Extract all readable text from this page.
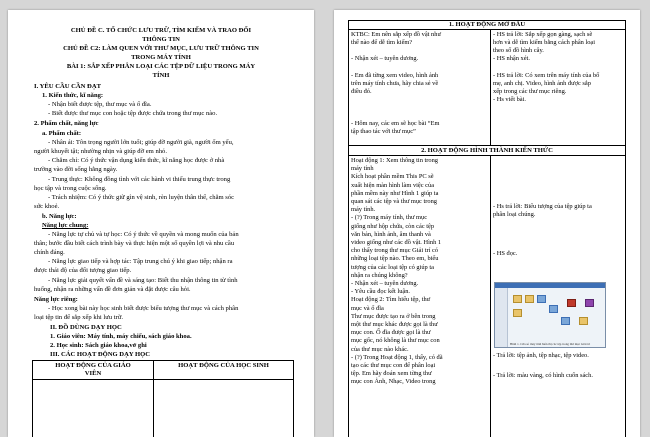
CHỦ ĐỀ C. TỔ CHỨC LƯU TRỮ, TÌM KIẾM VÀ TRAO ĐỔI
THÔNG TIN
CHỦ ĐỀ C2: LÀM QUEN VỚI THƯ MỤC, LƯU TRỮ THÔNG TIN
TRONG MÁY TÍNH
BÀI 1: SẮP XẾP PHÂN LOẠI CÁC TỆP DỮ LIỆU TRONG MÁY
TÍNH
I. YÊU CẦU CẦN ĐẠT
1. Kiến thức, kĩ năng:
- Nhận biết được tệp, thư mục và ổ đĩa.
- Biết được thư mục con hoặc tệp được chứa trong thư mục nào.
2. Phẩm chất, năng lực
a. Phẩm chất:
- Nhân ái: Tôn trọng người lớn tuổi; giúp đỡ người già, người ốm yếu,
người khuyết tật; nhường nhịn và giúp đỡ em nhỏ.
- Chăm chỉ: Có ý thức vận dụng kiến thức, kĩ năng học được ở nhà
trường vào đời sống hằng ngày.
- Trung thực: Không đồng tình với các hành vi thiếu trung thực trong
học tập và trong cuộc sống.
- Trách nhiệm: Có ý thức giữ gìn vệ sinh, rèn luyện thân thể, chăm sóc
sức khoẻ.
b. Năng lực:
Năng lực chung:
- Năng lực tự chủ và tự học: Có ý thức về quyền và mong muốn của bản
thân; bước đầu biết cách trình bày và thực hiện một số quyền lợi và nhu cầu
chính đáng.
- Năng lực giao tiếp và hợp tác: Tập trung chú ý khi giao tiếp; nhận ra
được thái độ của đối tượng giao tiếp.
- Năng lực giải quyết vấn đề và sáng tạo: Biết thu nhận thông tin từ tình
huống, nhận ra những vấn đề đơn giản và đặt được câu hỏi.
Năng lực riêng:
- Học xong bài này học sinh biết được biểu tượng thư mục và cách phân
loại tệp tin để sắp xếp khi lưu trữ.
II. ĐỒ DÙNG DẠY HỌC
1. Giáo viên: Máy tính, máy chiếu, sách giáo khoa.
2. Học sinh: Sách giáo khoa,vở ghi
III. CÁC HOẠT ĐỘNG DẠY HỌC
HOẠT ĐỘNG CỦA GIÁO
VIÊN
HOẠT ĐỘNG CỦA HỌC SINH
1. HOẠT ĐỘNG MỞ ĐẦU
2. HOẠT ĐỘNG HÌNH THÀNH KIẾN THỨC
KTBC: Em nên sắp xếp đồ vật như
thế nào để dễ tìm kiếm?
- Nhận xét – tuyên dương.
- Em đã từng xem video, hình ảnh
trên máy tính chưa, hãy chia sẻ về
điều đó.
- Hôm nay, các em sẽ học bài “Em
tập thao tác với thư mục”
- HS trả lời: Sắp xếp gọn gàng, sạch sẽ
hơn và dễ tìm kiếm bằng cách phân loại
theo số đồ hình cây.
- HS nhận xét.
- HS trả lời: Có xem trên máy tính của bố
mẹ, anh chị. Video, hình ảnh được sắp
xếp trong các thư mục riêng.
- Hs viết bài.
- Hs trả lời: Biểu tượng của tệp giúp ta
phân loại chúng.
- HS đọc.
- Trả lời: tệp ảnh, tệp nhạc, tệp video.
- Trả lời: màu vàng, có hình cuốn sách.
Hình 1. Cửa sổ máy tính hiển thị các tệp trong thư mục Giải trí
Hoạt động 1: Xem thông tin trong
máy tính
Kích hoạt phần mềm This PC sẽ
xuất hiện màn hình làm việc của
phần mềm này như Hình 1 giúp ta
quan sát các tệp và thư mục trong
máy tính.
- (?) Trong máy tính, thư mục
giống như hộp chứa, còn các tệp
văn bản, hình ảnh, âm thanh và
video giống như các đồ vật. Hình 1
cho thấy trong thư mục Giải trí có
những loại tệp nào. Theo em, biểu
tượng của các loại tệp có giúp ta
nhận ra chúng không?
- Nhận xét – tuyên dương.
- Yêu cầu đọc kết luận.
Hoạt động 2: Tìm hiểu tệp, thư
mục và ổ đĩa
Thư mục được tạo ra ở bên trong
một thư mục khác được gọi là thư
mục con. Ổ đĩa được gọi là thư
mục gốc, nó không là thư mục con
của thư mục nào khác.
- (?) Trong Hoạt động 1, thấy, có đã
tạo các thư mục con để phân loại
tệp. Em hãy đoán xem từng thư
mục con Ảnh, Nhạc, Video trong
